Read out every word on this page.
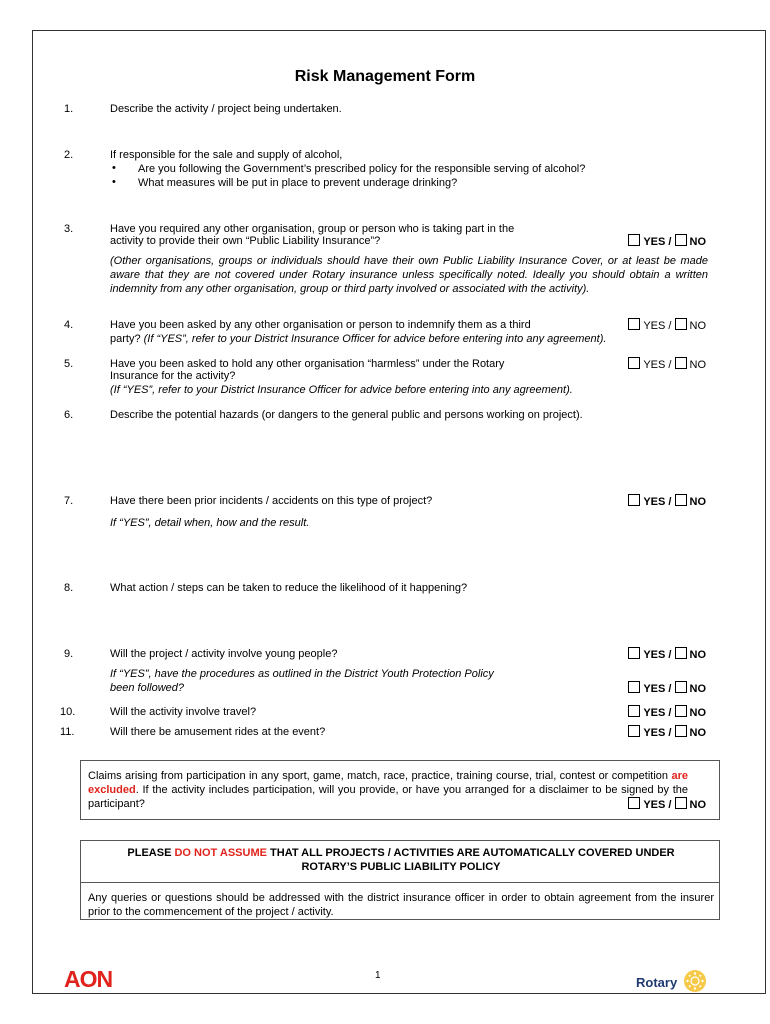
Risk Management Form
1.	Describe the activity / project being undertaken.
2.	If responsible for the sale and supply of alcohol,
• Are you following the Government’s prescribed policy for the responsible serving of alcohol?
• What measures will be put in place to prevent underage drinking?
3.	Have you required any other organisation, group or person who is taking part in the
activity to provide their own “Public Liability Insurance”?	YES / NO
(Other organisations, groups or individuals should have their own Public Liability Insurance Cover, or at least be made aware that they are not covered under Rotary insurance unless specifically noted. Ideally you should obtain a written indemnity from any other organisation, group or third party involved or associated with the activity).
4.	Have you been asked by any other organisation or person to indemnify them as a third	YES / NO
party? (If “YES”, refer to your District Insurance Officer for advice before entering into any agreement).
5.	Have you been asked to hold any other organisation “harmless” under the Rotary	YES / NO
Insurance for the activity?
(If “YES”, refer to your District Insurance Officer for advice before entering into any agreement).
6.	Describe the potential hazards (or dangers to the general public and persons working on project).
7.	Have there been prior incidents / accidents on this type of project?	YES / NO
If “YES”, detail when, how and the result.
8.	What action / steps can be taken to reduce the likelihood of it happening?
9.	Will the project / activity involve young people?	YES / NO
If “YES”, have the procedures as outlined in the District Youth Protection Policy
been followed?	YES / NO
10.	Will the activity involve travel?	YES / NO
11.	Will there be amusement rides at the event?	YES / NO
Claims arising from participation in any sport, game, match, race, practice, training course, trial, contest or competition are excluded. If the activity includes participation, will you provide, or have you arranged for a disclaimer to be signed by the participant?	YES / NO
PLEASE DO NOT ASSUME THAT ALL PROJECTS / ACTIVITIES ARE AUTOMATICALLY COVERED UNDER
ROTARY’S PUBLIC LIABILITY POLICY
Any queries or questions should be addressed with the district insurance officer in order to obtain agreement from the insurer prior to the commencement of the project / activity.
AON	1	Rotary
